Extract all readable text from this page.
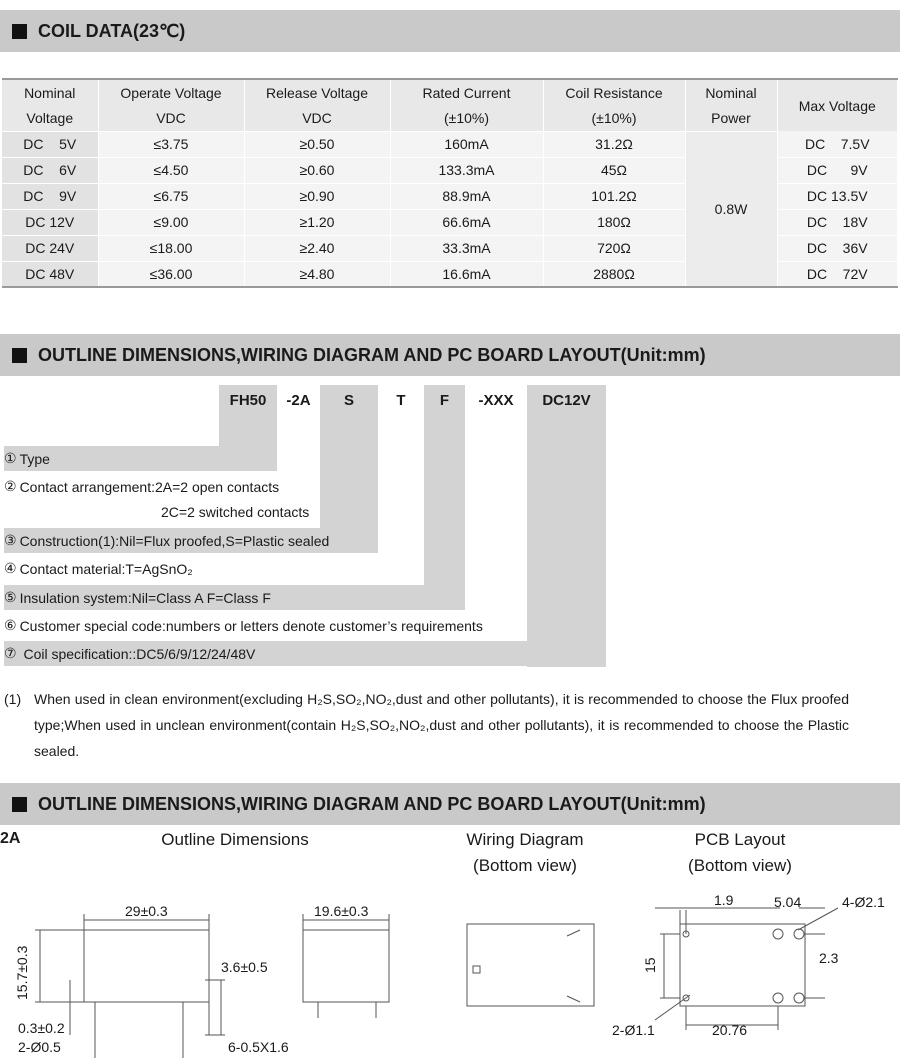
COIL DATA(23℃)
Nominal	Operate Voltage	Release Voltage	Rated Current	Coil Resistance	Nominal	Max Voltage
Voltage	VDC	VDC	(±10%)	(±10%)	Power	
DC    5V	≤3.75	≥0.50	160mA	31.2Ω	0.8W	DC    7.5V
DC    6V	≤4.50	≥0.60	133.3mA	45Ω		DC      9V
DC    9V	≤6.75	≥0.90	88.9mA	101.2Ω		DC 13.5V
DC 12V	≤9.00	≥1.20	66.6mA	180Ω		DC    18V
DC 24V	≤18.00	≥2.40	33.3mA	720Ω		DC    36V
DC 48V	≤36.00	≥4.80	16.6mA	2880Ω		DC    72V
OUTLINE DIMENSIONS,WIRING DIAGRAM AND PC BOARD LAYOUT(Unit:mm)
FH50	-2A	S	T	F	-XXX	DC12V
① Type
② Contact arrangement:2A=2 open contacts
2C=2 switched contacts
③ Construction(1):Nil=Flux proofed,S=Plastic sealed
④ Contact material:T=AgSnO₂
⑤ Insulation system:Nil=Class A F=Class F
⑥ Customer special code:numbers or letters denote customer’s requirements
⑦ Coil specification::DC5/6/9/12/24/48V
(1) When used in clean environment(excluding H₂S,SO₂,NO₂,dust and other pollutants), it is recommended to choose the Flux proofed type;When used in unclean environment(contain H₂S,SO₂,NO₂,dust and other pollutants), it is recommended to choose the Plastic sealed.
OUTLINE DIMENSIONS,WIRING DIAGRAM AND PC BOARD LAYOUT(Unit:mm)
2A	Outline Dimensions	Wiring Diagram
(Bottom view)
PCB Layout
(Bottom view)
29±0.3
15.7±0.3	3.6±0.5
0.3±0.2
2-Ø0.5	6-0.5X1.6
19.6±0.3
1.9	5.04	4-Ø2.1
2.3
15
2-Ø1.1	20.76
